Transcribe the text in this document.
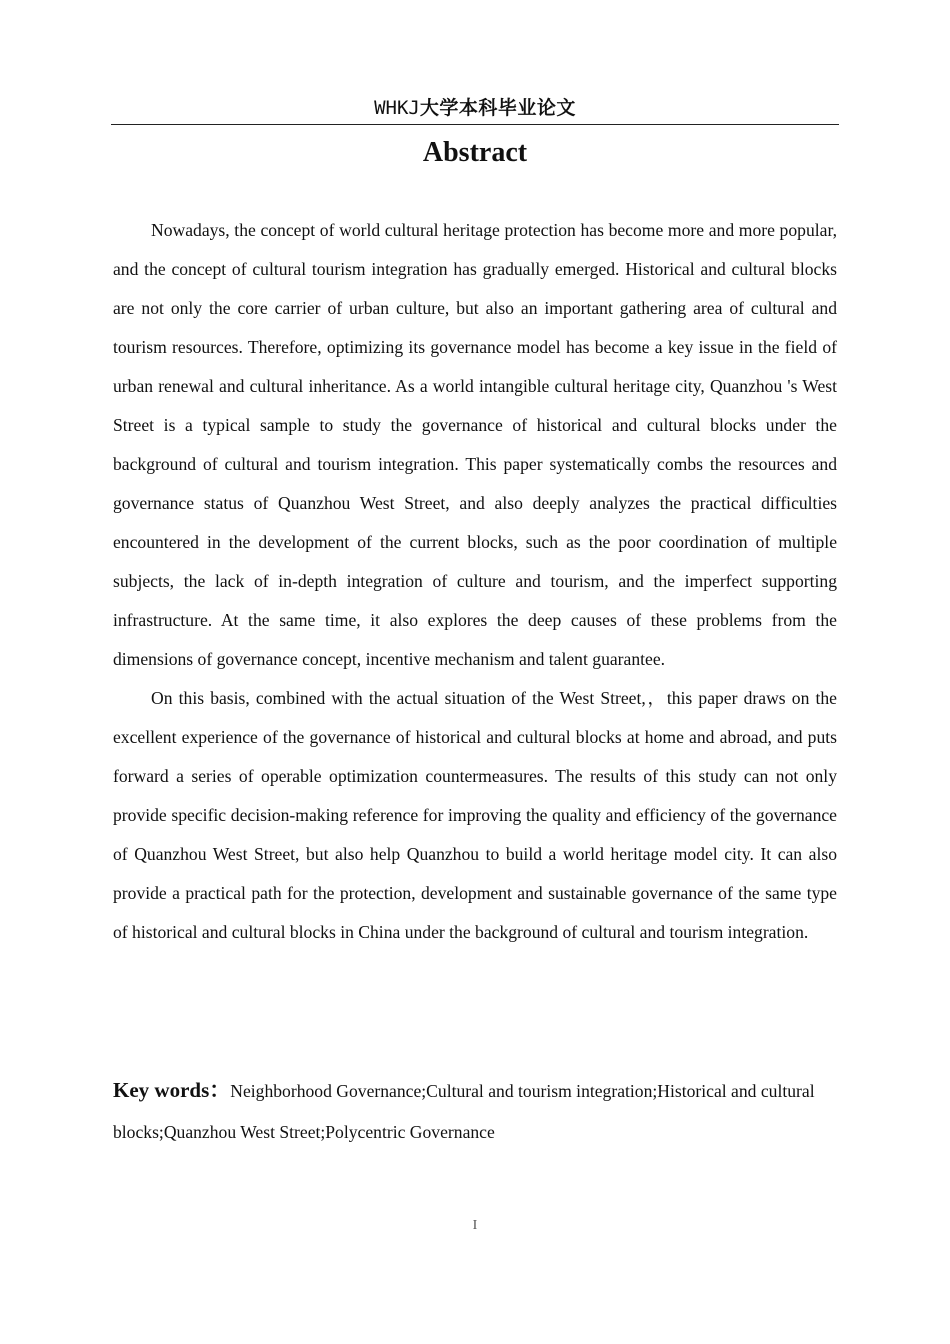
WHKJ大学本科毕业论文
Abstract

Nowadays, the concept of world cultural heritage protection has become more and more popular, and the concept of cultural tourism integration has gradually emerged. Historical and cultural blocks are not only the core carrier of urban culture, but also an important gathering area of cultural and tourism resources. Therefore, optimizing its governance model has become a key issue in the field of urban renewal and cultural inheritance. As a world intangible cultural heritage city, Quanzhou 's West Street is a typical sample to study the governance of historical and cultural blocks under the background of cultural and tourism integration. This paper systematically combs the resources and governance status of Quanzhou West Street, and also deeply analyzes the practical difficulties encountered in the development of the current blocks, such as the poor coordination of multiple subjects, the lack of in-depth integration of culture and tourism, and the imperfect supporting infrastructure. At the same time, it also explores the deep causes of these problems from the dimensions of governance concept, incentive mechanism and talent guarantee.

On this basis, combined with the actual situation of the West Street,，this paper draws on the excellent experience of the governance of historical and cultural blocks at home and abroad, and puts forward a series of operable optimization countermeasures. The results of this study can not only provide specific decision-making reference for improving the quality and efficiency of the governance of Quanzhou West Street, but also help Quanzhou to build a world heritage model city. It can also provide a practical path for the protection, development and sustainable governance of the same type of historical and cultural blocks in China under the background of cultural and tourism integration.

Key words：Neighborhood Governance;Cultural and tourism integration;Historical and cultural blocks;Quanzhou West Street;Polycentric Governance
I
